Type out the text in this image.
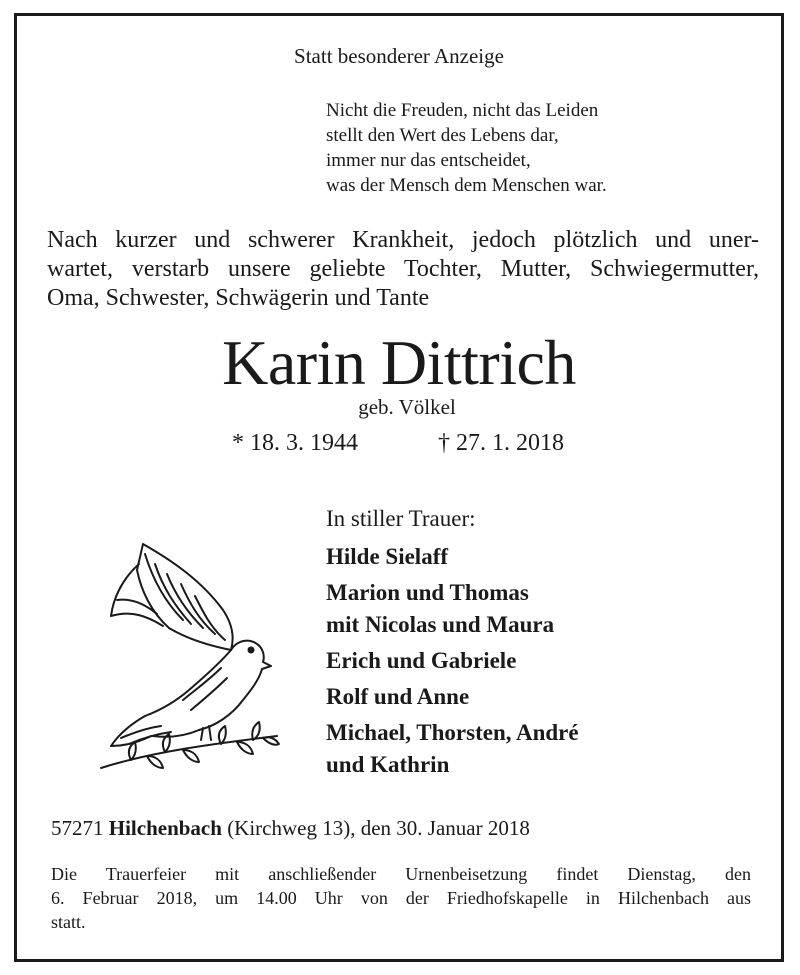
Statt besonderer Anzeige
Nicht die Freuden, nicht das Leiden
stellt den Wert des Lebens dar,
immer nur das entscheidet,
was der Mensch dem Menschen war.
Nach kurzer und schwerer Krankheit, jedoch plötzlich und uner-
wartet, verstarb unsere geliebte Tochter, Mutter, Schwiegermutter,
Oma, Schwester, Schwägerin und Tante
Karin Dittrich
geb. Völkel
* 18. 3. 1944	† 27. 1. 2018
In stiller Trauer:
Hilde Sielaff
Marion und Thomas
mit Nicolas und Maura
Erich und Gabriele
Rolf und Anne
Michael, Thorsten, André
und Kathrin
57271 Hilchenbach (Kirchweg 13), den 30. Januar 2018
Die Trauerfeier mit anschließender Urnenbeisetzung findet Dienstag, den
6. Februar 2018, um 14.00 Uhr von der Friedhofskapelle in Hilchenbach aus
statt.
